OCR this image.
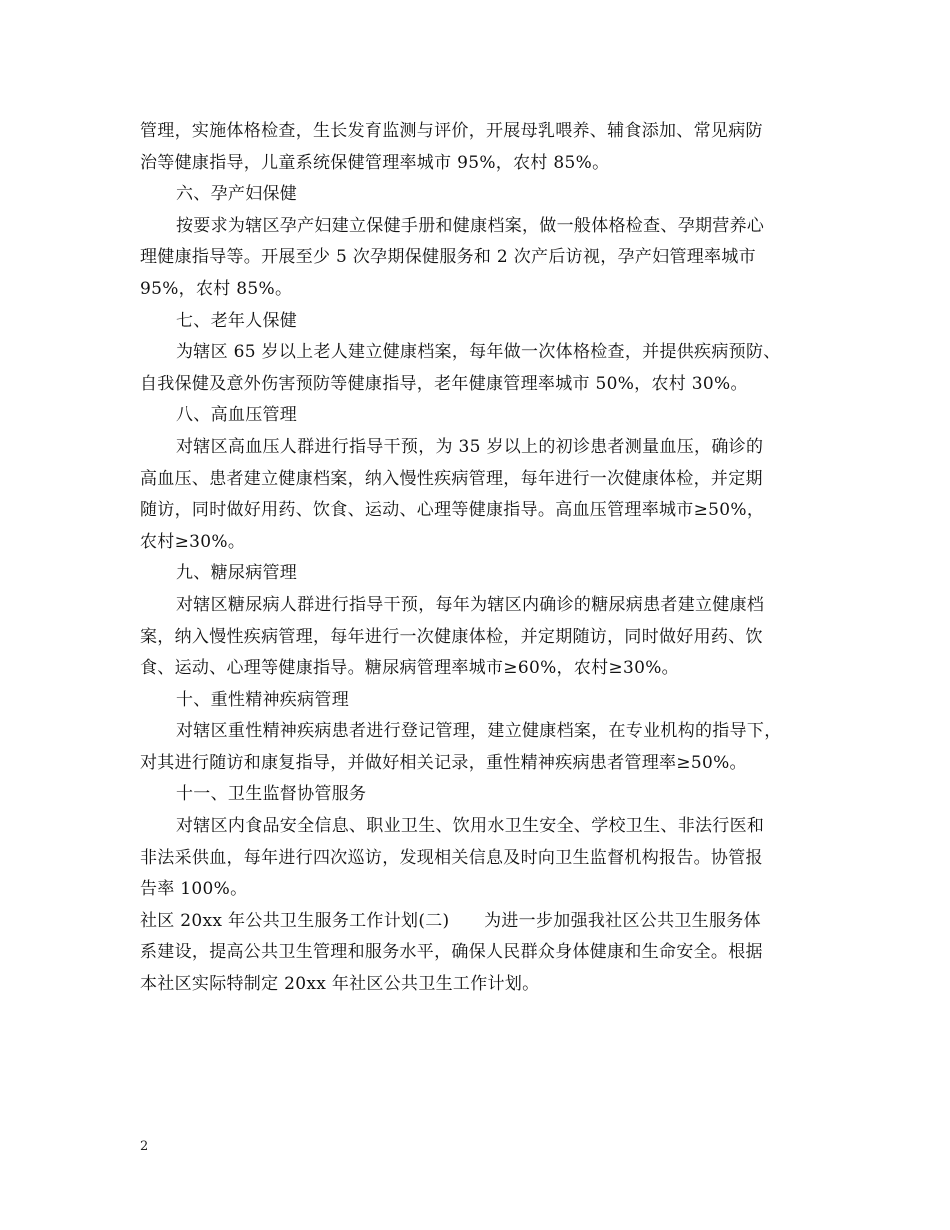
管理，实施体格检查，生长发育监测与评价，开展母乳喂养、辅食添加、常见病防

治等健康指导，儿童系统保健管理率城市 95%，农村 85%。

六、孕产妇保健

按要求为辖区孕产妇建立保健手册和健康档案，做一般体格检查、孕期营养心

理健康指导等。开展至少 5 次孕期保健服务和 2 次产后访视，孕产妇管理率城市

95%，农村 85%。

七、老年人保健

为辖区 65 岁以上老人建立健康档案，每年做一次体格检查，并提供疾病预防、

自我保健及意外伤害预防等健康指导，老年健康管理率城市 50%，农村 30%。

八、高血压管理

对辖区高血压人群进行指导干预，为 35 岁以上的初诊患者测量血压，确诊的

高血压、患者建立健康档案，纳入慢性疾病管理，每年进行一次健康体检，并定期

随访，同时做好用药、饮食、运动、心理等健康指导。高血压管理率城市≥50%，

农村≥30%。

九、糖尿病管理

对辖区糖尿病人群进行指导干预，每年为辖区内确诊的糖尿病患者建立健康档

案，纳入慢性疾病管理，每年进行一次健康体检，并定期随访，同时做好用药、饮

食、运动、心理等健康指导。糖尿病管理率城市≥60%，农村≥30%。

十、重性精神疾病管理

对辖区重性精神疾病患者进行登记管理，建立健康档案，在专业机构的指导下，

对其进行随访和康复指导，并做好相关记录，重性精神疾病患者管理率≥50%。

十一、卫生监督协管服务

对辖区内食品安全信息、职业卫生、饮用水卫生安全、学校卫生、非法行医和

非法采供血，每年进行四次巡访，发现相关信息及时向卫生监督机构报告。协管报

告率 100%。

社区 20xx 年公共卫生服务工作计划(二)　　为进一步加强我社区公共卫生服务体

系建设，提高公共卫生管理和服务水平，确保人民群众身体健康和生命安全。根据

本社区实际特制定 20xx 年社区公共卫生工作计划。

2
